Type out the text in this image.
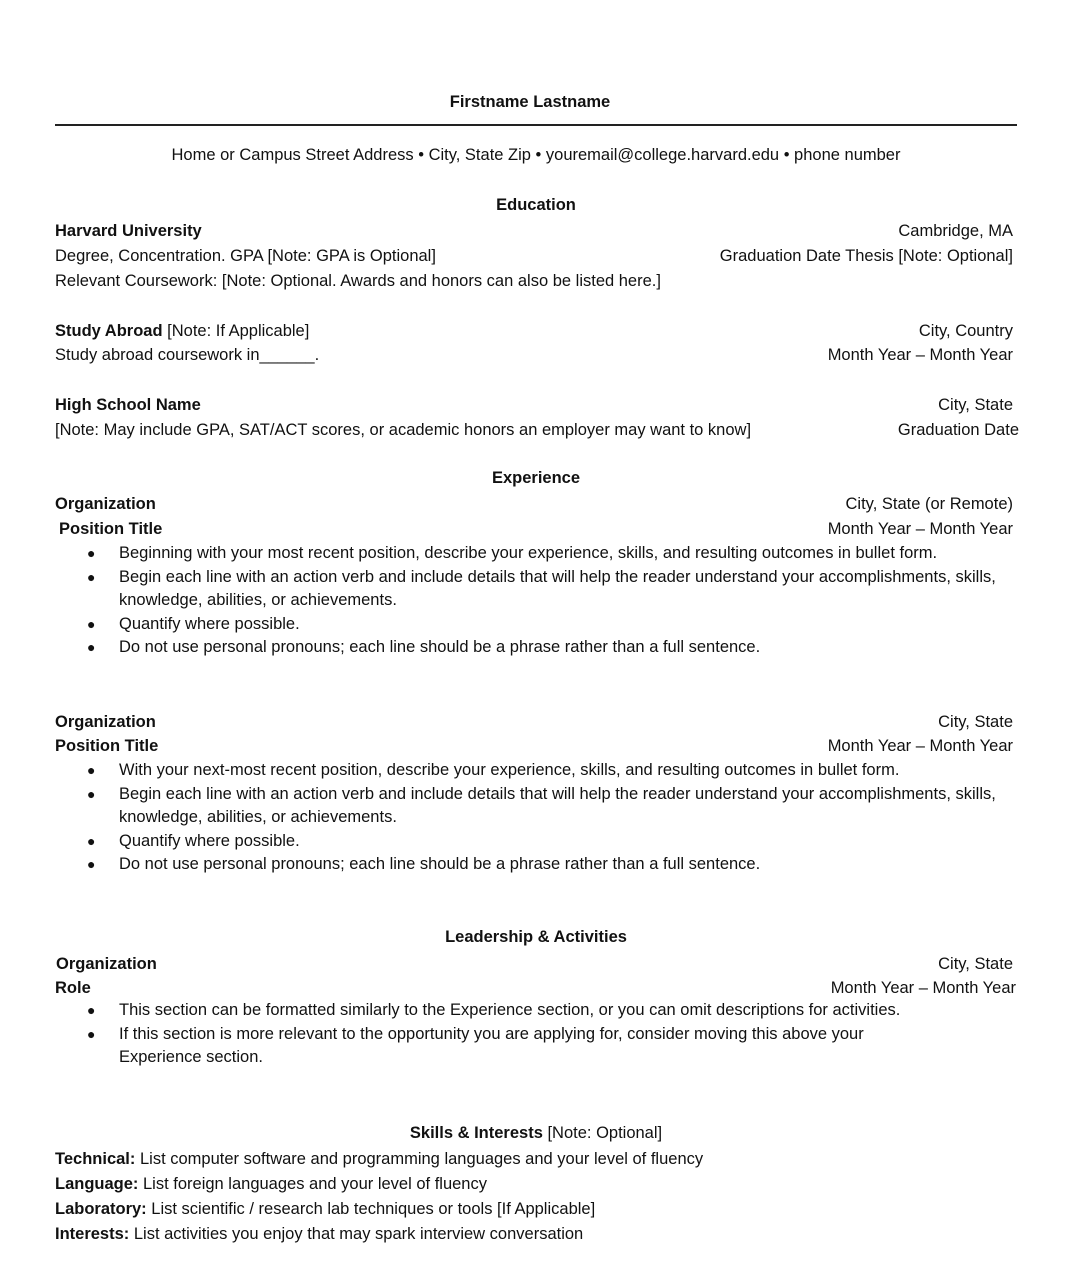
Firstname Lastname
Home or Campus Street Address • City, State Zip • youremail@college.harvard.edu • phone number
Education
Harvard University	Cambridge, MA
Degree, Concentration. GPA [Note: GPA is Optional]	Graduation Date Thesis [Note: Optional]
Relevant Coursework: [Note: Optional. Awards and honors can also be listed here.]
Study Abroad [Note: If Applicable]	City, Country
Study abroad coursework in______.	Month Year – Month Year
High School Name	City, State
[Note: May include GPA, SAT/ACT scores, or academic honors an employer may want to know]	Graduation Date
Experience
Organization	City, State (or Remote)
Position Title	Month Year – Month Year
● Beginning with your most recent position, describe your experience, skills, and resulting outcomes in bullet form.
● Begin each line with an action verb and include details that will help the reader understand your accomplishments, skills, knowledge, abilities, or achievements.
● Quantify where possible.
● Do not use personal pronouns; each line should be a phrase rather than a full sentence.
Organization	City, State
Position Title	Month Year – Month Year
● With your next-most recent position, describe your experience, skills, and resulting outcomes in bullet form.
● Begin each line with an action verb and include details that will help the reader understand your accomplishments, skills, knowledge, abilities, or achievements.
● Quantify where possible.
● Do not use personal pronouns; each line should be a phrase rather than a full sentence.
Leadership & Activities
Organization	City, State
Role	Month Year – Month Year
● This section can be formatted similarly to the Experience section, or you can omit descriptions for activities.
● If this section is more relevant to the opportunity you are applying for, consider moving this above your Experience section.
Skills & Interests [Note: Optional]
Technical: List computer software and programming languages and your level of fluency
Language: List foreign languages and your level of fluency
Laboratory: List scientific / research lab techniques or tools [If Applicable]
Interests: List activities you enjoy that may spark interview conversation
